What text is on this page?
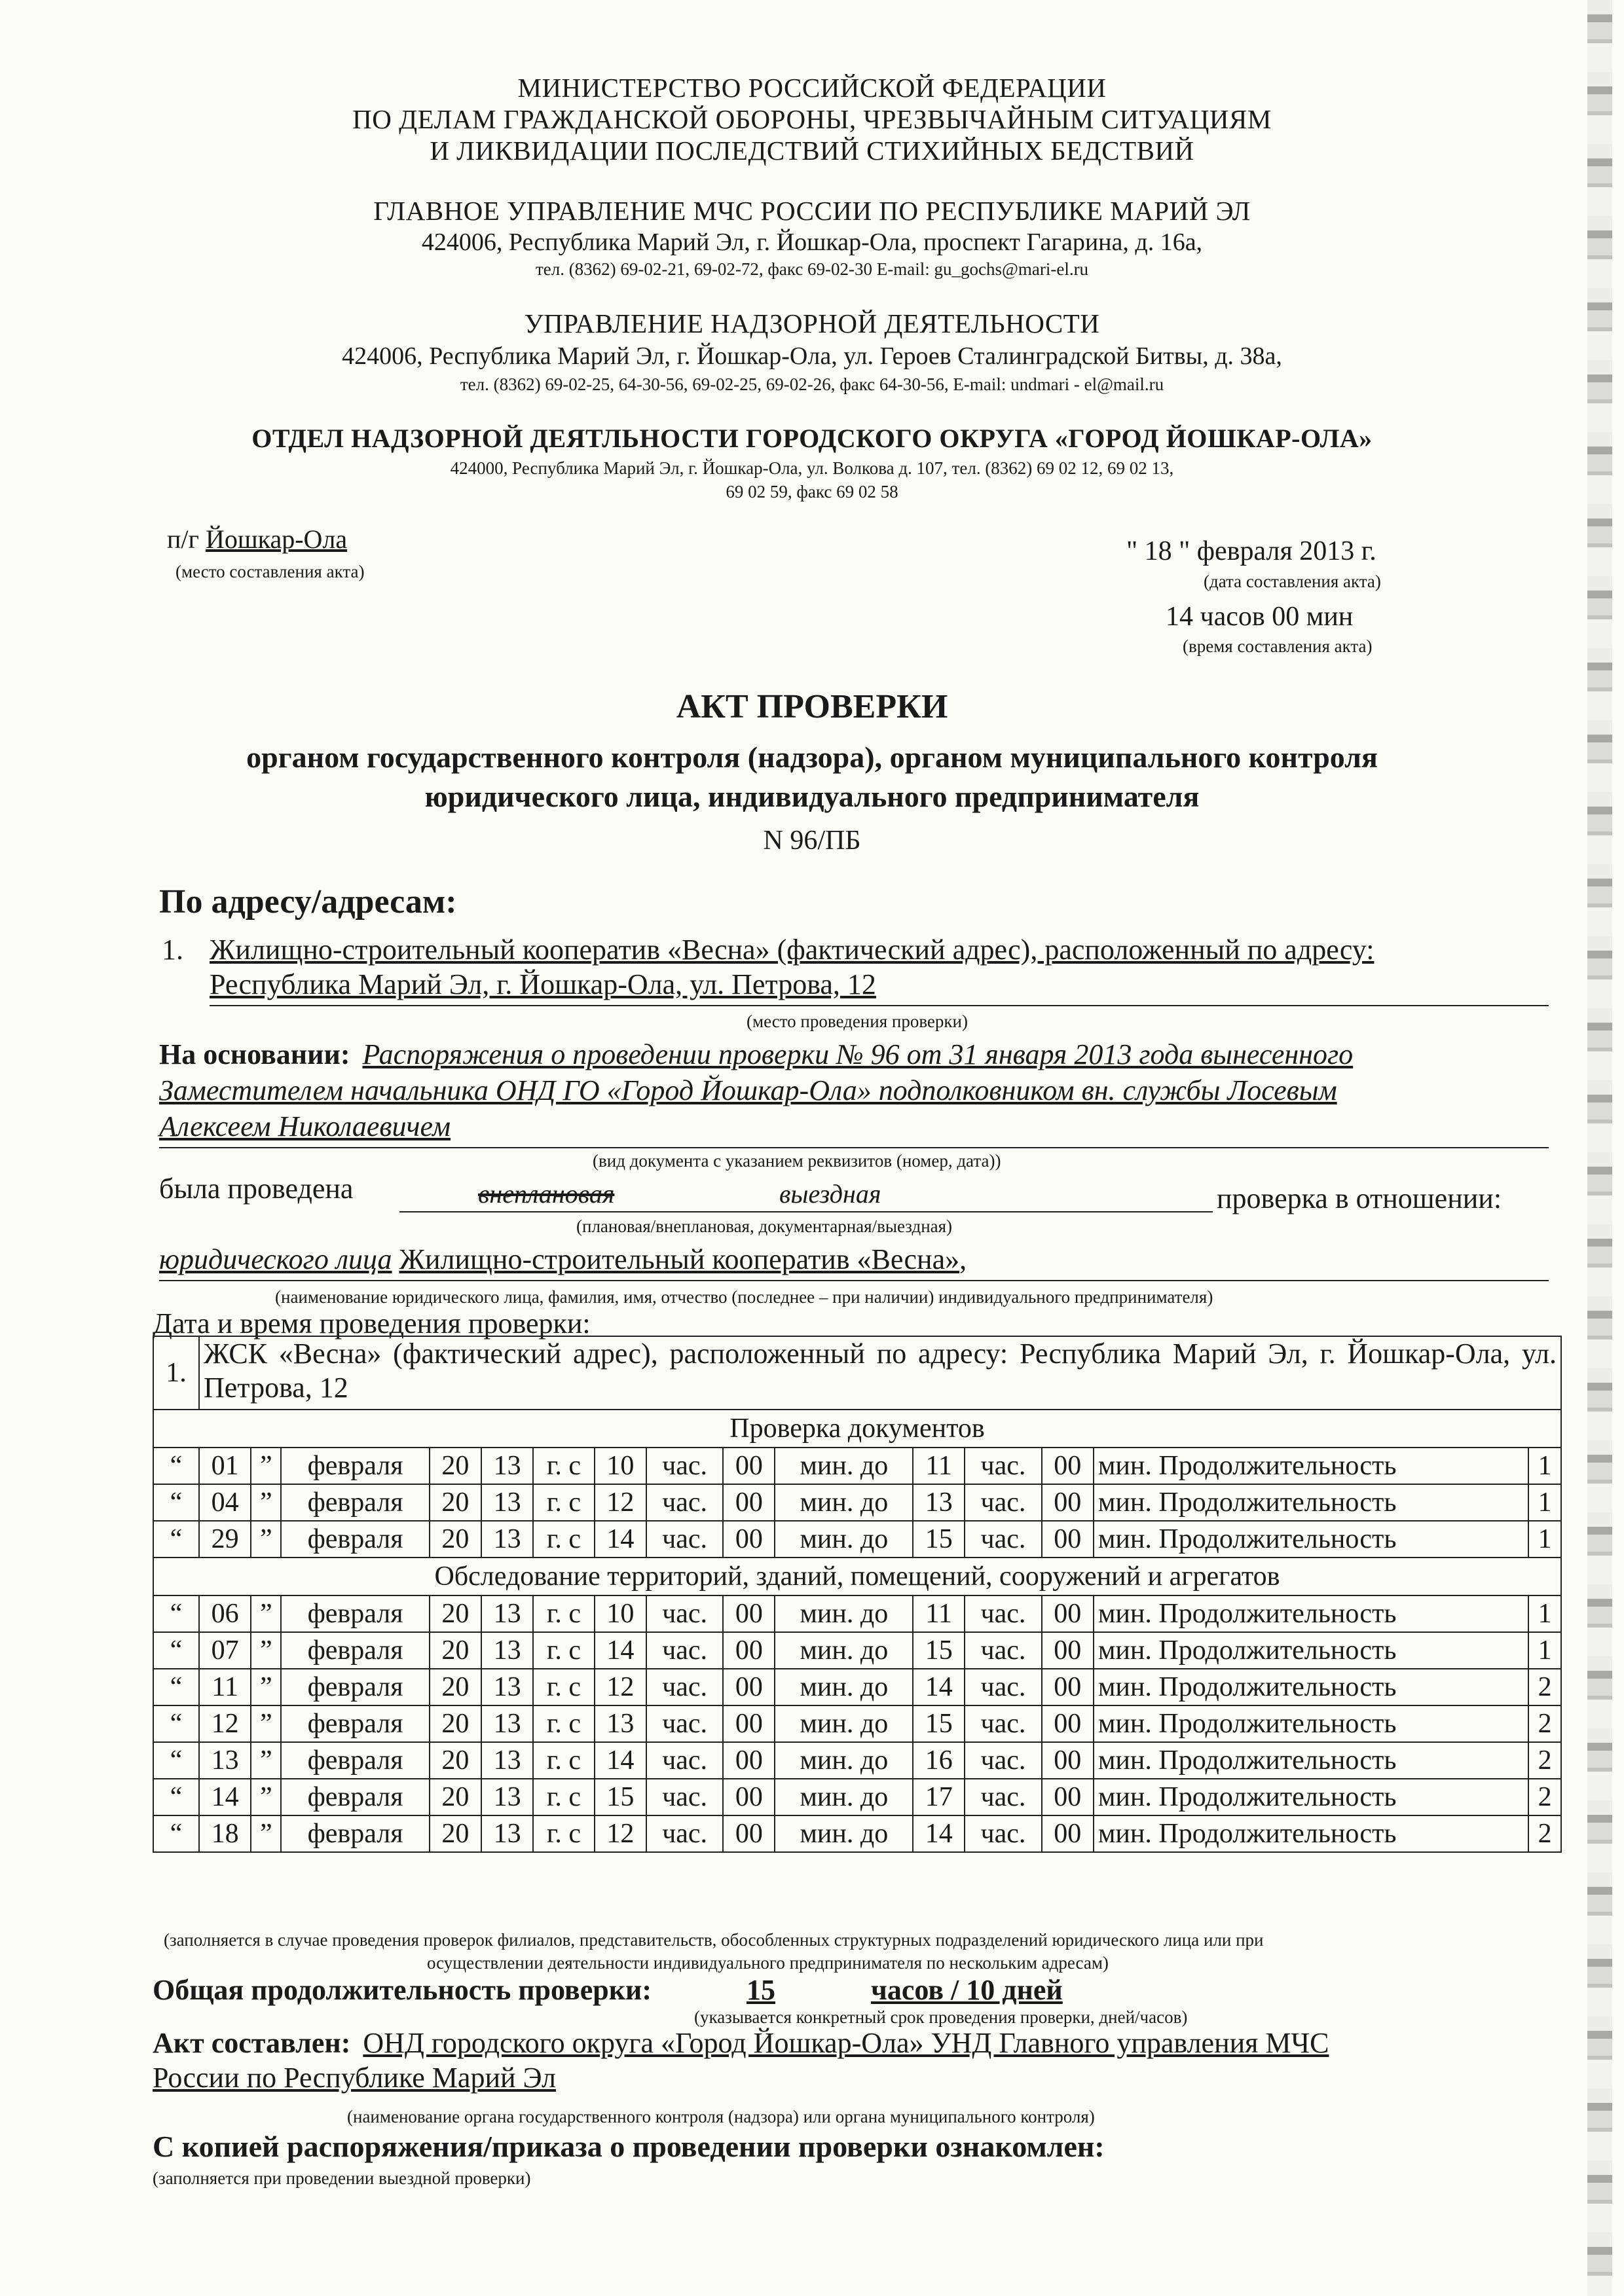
МИНИСТЕРСТВО РОССИЙСКОЙ ФЕДЕРАЦИИ
ПО ДЕЛАМ ГРАЖДАНСКОЙ ОБОРОНЫ, ЧРЕЗВЫЧАЙНЫМ СИТУАЦИЯМ
И ЛИКВИДАЦИИ ПОСЛЕДСТВИЙ СТИХИЙНЫХ БЕДСТВИЙ
ГЛАВНОЕ УПРАВЛЕНИЕ МЧС РОССИИ ПО РЕСПУБЛИКЕ МАРИЙ ЭЛ
424006, Республика Марий Эл, г. Йошкар-Ола, проспект Гагарина, д. 16а,
тел. (8362) 69-02-21, 69-02-72, факс 69-02-30 E-mail: gu_gochs@mari-el.ru
УПРАВЛЕНИЕ НАДЗОРНОЙ ДЕЯТЕЛЬНОСТИ
424006, Республика Марий Эл, г. Йошкар-Ола, ул. Героев Сталинградской Битвы, д. 38а,
тел. (8362) 69-02-25, 64-30-56, 69-02-25, 69-02-26, факс 64-30-56, E-mail: undmari - el@mail.ru
ОТДЕЛ НАДЗОРНОЙ ДЕЯТЛЬНОСТИ ГОРОДСКОГО ОКРУГА «ГОРОД ЙОШКАР-ОЛА»
424000, Республика Марий Эл, г. Йошкар-Ола, ул. Волкова д. 107, тел. (8362) 69 02 12, 69 02 13,
69 02 59, факс 69 02 58
п/г Йошкар-Ола
(место составления акта)
" 18 " февраля 2013 г.
(дата составления акта)
14 часов 00 мин
(время составления акта)
АКТ ПРОВЕРКИ
органом государственного контроля (надзора), органом муниципального контроля
юридического лица, индивидуального предпринимателя
N 96/ПБ
По адресу/адресам:
1. Жилищно-строительный кооператив «Весна» (фактический адрес), расположенный по адресу:
Республика Марий Эл, г. Йошкар-Ола, ул. Петрова, 12
(место проведения проверки)
На основании: Распоряжения о проведении проверки № 96 от 31 января 2013 года вынесенного
Заместителем начальника ОНД ГО «Город Йошкар-Ола» подполковником вн. службы Лосевым
Алексеем Николаевичем
(вид документа с указанием реквизитов (номер, дата))
была проведена	внеплановая	выездная	проверка в отношении:
(плановая/внеплановая, документарная/выездная)
юридического лица Жилищно-строительный кооператив «Весна»,
(наименование юридического лица, фамилия, имя, отчество (последнее – при наличии) индивидуального предпринимателя)
Дата и время проведения проверки:
1.	ЖСК «Весна» (фактический адрес), расположенный по адресу: Республика Марий Эл, г. Йошкар-Ола, ул. Петрова, 12														
Проверка документов															
“	01	”	февраля	20	13	г. с	10	час.	00	мин. до	11	час.	00	мин. Продолжительность	1
“	04	”	февраля	20	13	г. с	12	час.	00	мин. до	13	час.	00	мин. Продолжительность	1
“	29	”	февраля	20	13	г. с	14	час.	00	мин. до	15	час.	00	мин. Продолжительность	1
Обследование территорий, зданий, помещений, сооружений и агрегатов															
“	06	”	февраля	20	13	г. с	10	час.	00	мин. до	11	час.	00	мин. Продолжительность	1
“	07	”	февраля	20	13	г. с	14	час.	00	мин. до	15	час.	00	мин. Продолжительность	1
“	11	”	февраля	20	13	г. с	12	час.	00	мин. до	14	час.	00	мин. Продолжительность	2
“	12	”	февраля	20	13	г. с	13	час.	00	мин. до	15	час.	00	мин. Продолжительность	2
“	13	”	февраля	20	13	г. с	14	час.	00	мин. до	16	час.	00	мин. Продолжительность	2
“	14	”	февраля	20	13	г. с	15	час.	00	мин. до	17	час.	00	мин. Продолжительность	2
“	18	”	февраля	20	13	г. с	12	час.	00	мин. до	14	час.	00	мин. Продолжительность	2
(заполняется в случае проведения проверок филиалов, представительств, обособленных структурных подразделений юридического лица или при
осуществлении деятельности индивидуального предпринимателя по нескольким адресам)
Общая продолжительность проверки:	15	часов / 10 дней
(указывается конкретный срок проведения проверки, дней/часов)
Акт составлен: ОНД городского округа «Город Йошкар-Ола» УНД Главного управления МЧС
России по Республике Марий Эл
(наименование органа государственного контроля (надзора) или органа муниципального контроля)
С копией распоряжения/приказа о проведении проверки ознакомлен:
(заполняется при проведении выездной проверки)
